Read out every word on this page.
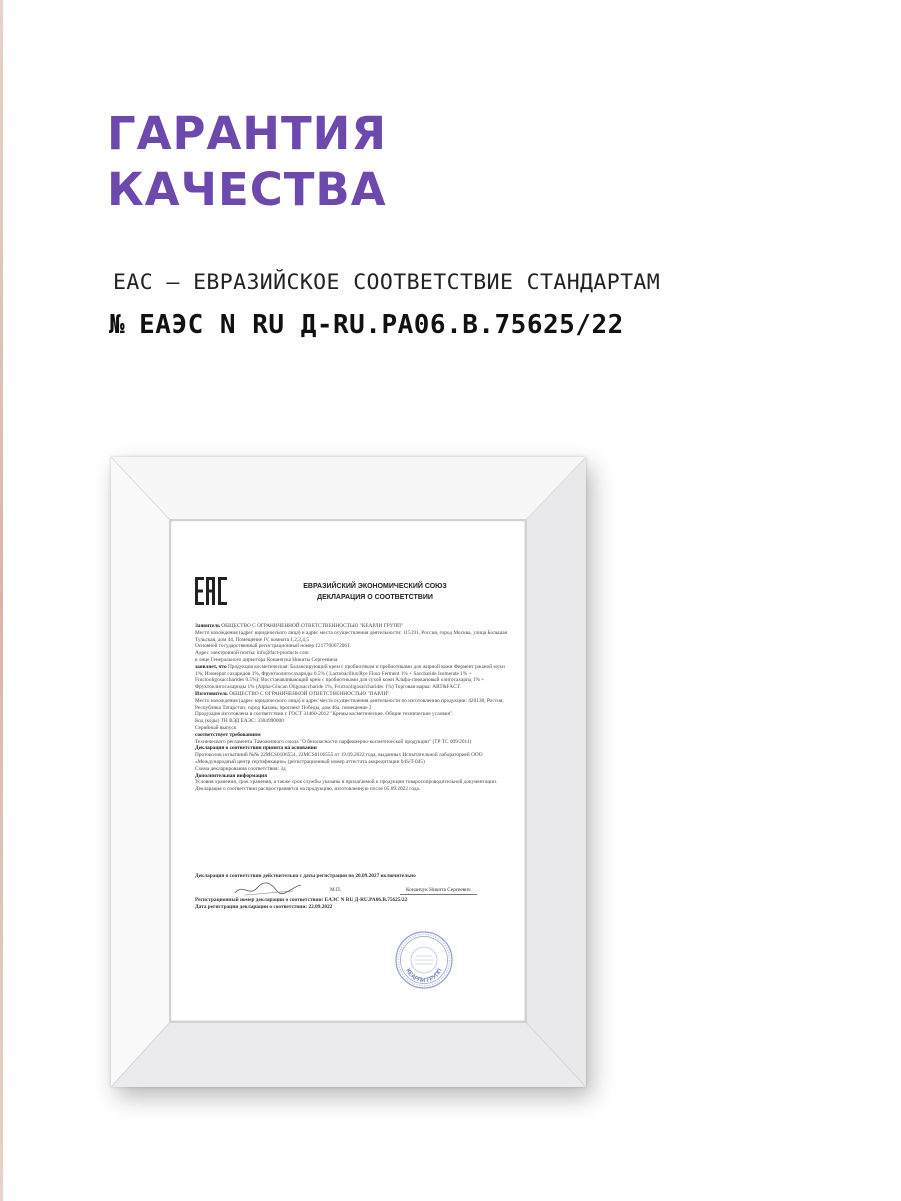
ГАРАНТИЯ
КАЧЕСТВА
ЕАС – ЕВРАЗИЙСКОЕ СООТВЕТСТВИЕ СТАНДАРТАМ
№ ЕАЭС N RU Д-RU.PA06.B.75625/22
ЕВРАЗИЙСКИЙ ЭКОНОМИЧЕСКИЙ СОЮЗ
ДЕКЛАРАЦИЯ О СООТВЕТСТВИИ

Заявитель ОБЩЕСТВО С ОГРАНИЧЕННОЙ ОТВЕТСТВЕННОСТЬЮ "КЕАРЛИ ГРУПП"

Место нахождения (адрес юридического лица) и адрес места осуществления деятельности: 115191, Россия, город Москва, улица Большая Тульская, дом 44, Помещение IV, комната 1,2,3,4,5

Основной государственный регистрационный номер 1217700072061.

Адрес электронной почты: info@fact-products.com

в лице Генерального директора Конанчука Никиты Сергеевича

заявляет, что Продукция косметическая: Балансирующий крем с пробиотиком и пребиотиками для жирной кожи Фермент ржаной муки 1%, Изомерат сахаридов 1%, Фруктоолигосахариды 0.5% ( Lactobacillus/Rye Flour Ferment 1% + Saccharide Isomerate 1% + Fructooligosaccharides 0.5%); Восстанавливающий крем с пробиотиками для сухой кожи Альфа-глюкановый олигосахарид 1% + Фруктоолигосахариды 1% (Alpha-Glucan Oligosaccharide 1%, Fructooligosaccharides 1%) Торговая марка: ART&FACT.

Изготовитель ОБЩЕСТВО С ОГРАНИЧЕННОЙ ОТВЕТСТВЕННОСТЬЮ "ПАРЛИ"

Место нахождения (адрес юридического лица) и адрес места осуществления деятельности по изготовлению продукции: 420138, Россия, Республика Татарстан, город Казань, проспект Победы, дом 46а, помещение 2

Продукция изготовлена в соответствии с ГОСТ 31460-2012 "Кремы косметические. Общие технические условия".

Код (коды) ТН ВЭД ЕАЭС: 3304990000

Серийный выпуск

соответствует требованиям

Технического регламента Таможенного союза "О безопасности парфюмерно-косметической продукции" (ТР ТС 009/2011)

Декларация о соответствии принята на основании

Протоколов испытаний №№ 22MCS0106554, 22MCS0106555 от 19.09.2022 года, выданных Испытательной лабораторией ООО «Международный центр сертификации» (регистрационный номер аттестата аккредитации 04S/T-045)

Схема декларирования соответствия: 3д

Дополнительная информация

Условия хранения, срок хранения, а также срок службы указаны в прилагаемой к продукции товаросопроводительной документации. Декларация о соответствии распространяется на продукцию, изготовленную после 05.09.2022 года.

Декларация о соответствии действительна с даты регистрации по 20.09.2027 включительно

М.П.	Конанчук Никита Сергеевич

Регистрационный номер декларации о соответствии: ЕАЭС N RU Д-RU.PA06.B.75625/22

Дата регистрации декларации о соответствии: 22.09.2022

КЕАРЛИ ГРУПП
